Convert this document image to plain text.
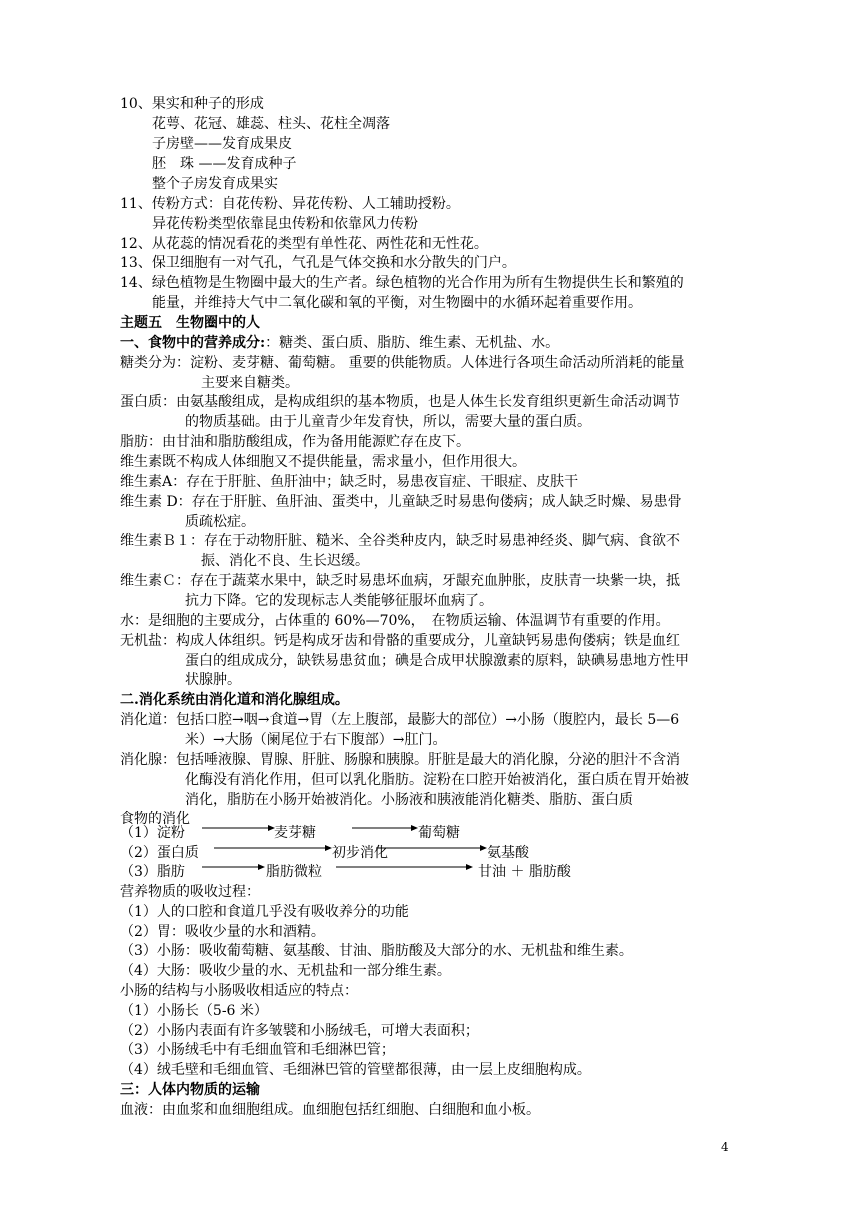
10、果实和种子的形成
花萼、花冠、雄蕊、柱头、花柱全凋落
子房壁——发育成果皮
胚　珠 ——发育成种子
整个子房发育成果实
11、传粉方式：自花传粉、异花传粉、人工辅助授粉。
异花传粉类型依靠昆虫传粉和依靠风力传粉
12、从花蕊的情况看花的类型有单性花、两性花和无性花。
13、保卫细胞有一对气孔，气孔是气体交换和水分散失的门户。
14、绿色植物是生物圈中最大的生产者。绿色植物的光合作用为所有生物提供生长和繁殖的
能量，并维持大气中二氧化碳和氧的平衡，对生物圈中的水循环起着重要作用。
主题五　生物圈中的人
一、食物中的营养成分:：糖类、蛋白质、脂肪、维生素、无机盐、水。
糖类分为：淀粉、麦芽糖、葡萄糖。 重要的供能物质。人体进行各项生命活动所消耗的能量
主要来自糖类。
蛋白质：由氨基酸组成，是构成组织的基本物质，也是人体生长发育组织更新生命活动调节
的物质基础。由于儿童青少年发育快，所以，需要大量的蛋白质。
脂肪：由甘油和脂肪酸组成，作为备用能源贮存在皮下。
维生素既不构成人体细胞又不提供能量，需求量小，但作用很大。
维生素A：存在于肝脏、鱼肝油中；缺乏时，易患夜盲症、干眼症、皮肤干
维生素 D：存在于肝脏、鱼肝油、蛋类中，儿童缺乏时易患佝偻病；成人缺乏时燥、易患骨
质疏松症。
维生素Ｂ１：存在于动物肝脏、糙米、全谷类种皮内，缺乏时易患神经炎、脚气病、食欲不
振、消化不良、生长迟缓。
维生素Ｃ：存在于蔬菜水果中，缺乏时易患坏血病，牙龈充血肿胀，皮肤青一块紫一块，抵
抗力下降。它的发现标志人类能够征服坏血病了。
水：是细胞的主要成分，占体重的 60%—70%，　在物质运输、体温调节有重要的作用。
无机盐：构成人体组织。钙是构成牙齿和骨骼的重要成分，儿童缺钙易患佝偻病；铁是血红
蛋白的组成成分，缺铁易患贫血；碘是合成甲状腺激素的原料，缺碘易患地方性甲
状腺肿。
二.消化系统由消化道和消化腺组成。
消化道：包括口腔→咽→食道→胃（左上腹部，最膨大的部位）→小肠（腹腔内，最长 5—6
米）→大肠（阑尾位于右下腹部）→肛门。
消化腺：包括唾液腺、胃腺、肝脏、肠腺和胰腺。肝脏是最大的消化腺，分泌的胆汁不含消
化酶没有消化作用，但可以乳化脂肪。淀粉在口腔开始被消化，蛋白质在胃开始被
消化，脂肪在小肠开始被消化。小肠液和胰液能消化糖类、脂肪、蛋白质
食物的消化
（1）淀粉	麦芽糖	葡萄糖
（2）蛋白质	初步消化	氨基酸
（3）脂肪	脂肪微粒	甘油 ＋ 脂肪酸
营养物质的吸收过程：
（1）人的口腔和食道几乎没有吸收养分的功能
（2）胃：吸收少量的水和酒精。
（3）小肠：吸收葡萄糖、氨基酸、甘油、脂肪酸及大部分的水、无机盐和维生素。
（4）大肠：吸收少量的水、无机盐和一部分维生素。
小肠的结构与小肠吸收相适应的特点：
（1）小肠长（5-6 米）
（2）小肠内表面有许多皱襞和小肠绒毛，可增大表面积；
（3）小肠绒毛中有毛细血管和毛细淋巴管；
（4）绒毛壁和毛细血管、毛细淋巴管的管壁都很薄，由一层上皮细胞构成。
三：人体内物质的运输
血液：由血浆和血细胞组成。血细胞包括红细胞、白细胞和血小板。
4
